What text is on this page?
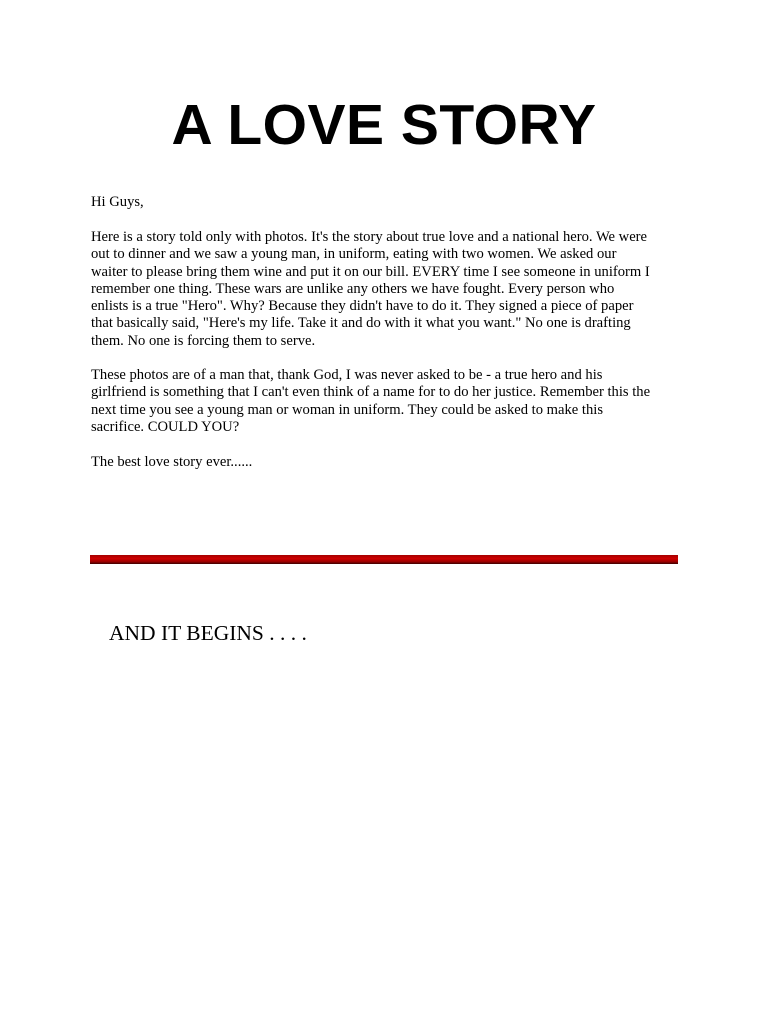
A LOVE STORY

Hi Guys,

Here is a story told only with photos. It's the story about true love and a national hero. We were
out to dinner and we saw a young man, in uniform, eating with two women. We asked our
waiter to please bring them wine and put it on our bill. EVERY time I see someone in uniform I
remember one thing. These wars are unlike any others we have fought. Every person who
enlists is a true "Hero". Why? Because they didn't have to do it. They signed a piece of paper
that basically said, "Here's my life. Take it and do with it what you want." No one is drafting
them. No one is forcing them to serve.

These photos are of a man that, thank God, I was never asked to be - a true hero and his
girlfriend is something that I can't even think of a name for to do her justice. Remember this the
next time you see a young man or woman in uniform. They could be asked to make this
sacrifice. COULD YOU?

The best love story ever......

AND IT BEGINS . . . .
